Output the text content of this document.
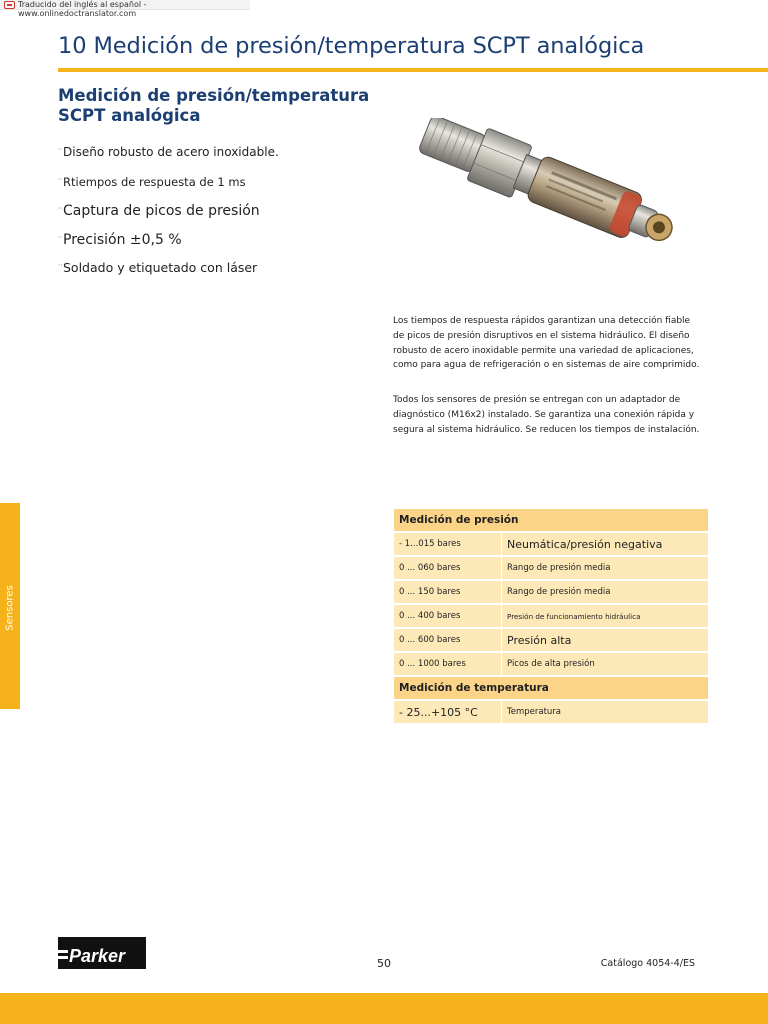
Traducido del inglés al español - www.onlinedoctranslator.com
10 Medición de presión/temperatura SCPT analógica
Medición de presión/temperatura
SCPT analógica
'' Diseño robusto de acero inoxidable.
'' Rtiempos de respuesta de 1 ms
'' Captura de picos de presión
'' Precisión ±0,5 %
'' Soldado y etiquetado con láser

Los tiempos de respuesta rápidos garantizan una detección fiable de picos de presión disruptivos en el sistema hidráulico. El diseño robusto de acero inoxidable permite una variedad de aplicaciones, como para agua de refrigeración o en sistemas de aire comprimido.

Todos los sensores de presión se entregan con un adaptador de diagnóstico (M16x2) instalado. Se garantiza una conexión rápida y segura al sistema hidráulico. Se reducen los tiempos de instalación.

Medición de presión	
- 1...015 bares	Neumática/presión negativa
0 ... 060 bares	Rango de presión media
0 ... 150 bares	Rango de presión media
0 ... 400 bares	Presión de funcionamiento hidráulica
0 ... 600 bares	Presión alta
0 ... 1000 bares	Picos de alta presión
Medición de temperatura	
- 25...+105 °C	Temperatura
Sensores
Parker	50	Catálogo 4054-4/ES
